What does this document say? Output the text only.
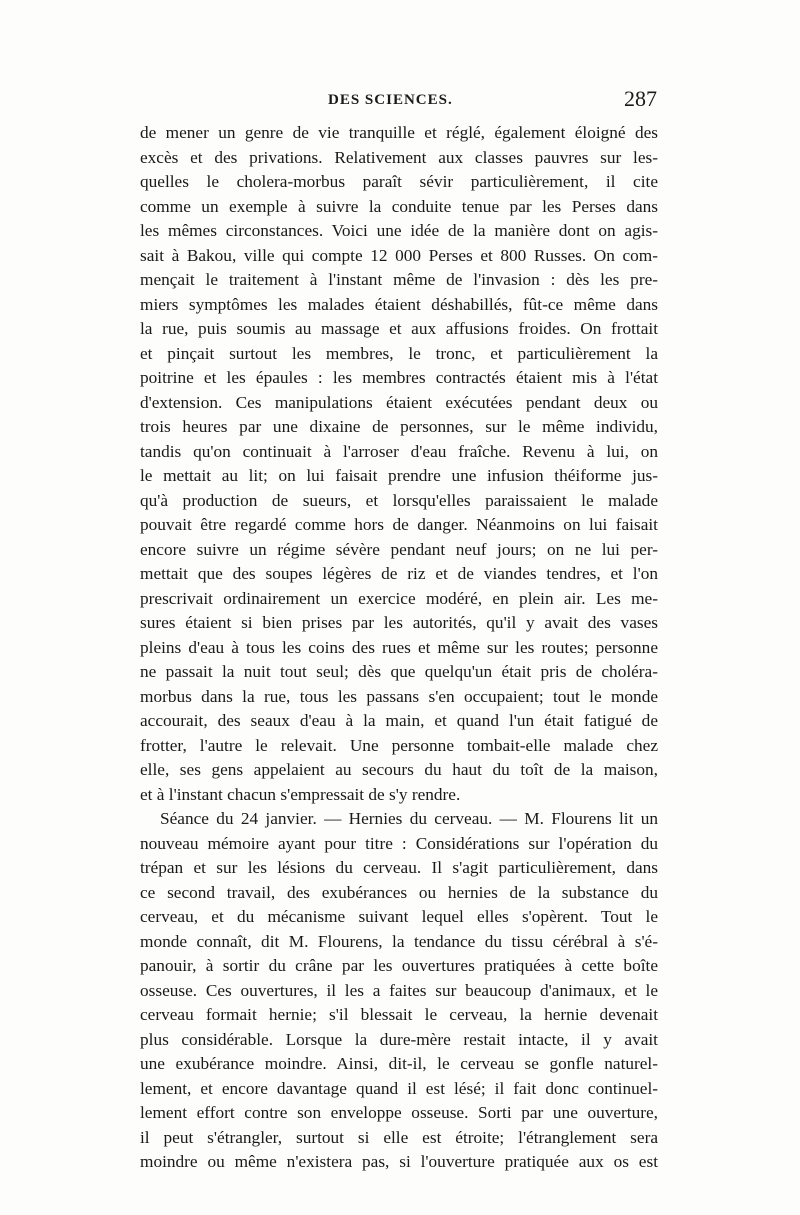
DES SCIENCES.	287
de mener un genre de vie tranquille et réglé, également éloigné des
excès et des privations. Relativement aux classes pauvres sur les-
quelles le cholera-morbus paraît sévir particulièrement, il cite
comme un exemple à suivre la conduite tenue par les Perses dans
les mêmes circonstances. Voici une idée de la manière dont on agis-
sait à Bakou, ville qui compte 12 000 Perses et 800 Russes. On com-
mençait le traitement à l'instant même de l'invasion : dès les pre-
miers symptômes les malades étaient déshabillés, fût-ce même dans
la rue, puis soumis au massage et aux affusions froides. On frottait
et pinçait surtout les membres, le tronc, et particulièrement la
poitrine et les épaules : les membres contractés étaient mis à l'état
d'extension. Ces manipulations étaient exécutées pendant deux ou
trois heures par une dixaine de personnes, sur le même individu,
tandis qu'on continuait à l'arroser d'eau fraîche. Revenu à lui, on
le mettait au lit; on lui faisait prendre une infusion théiforme jus-
qu'à production de sueurs, et lorsqu'elles paraissaient le malade
pouvait être regardé comme hors de danger. Néanmoins on lui faisait
encore suivre un régime sévère pendant neuf jours; on ne lui per-
mettait que des soupes légères de riz et de viandes tendres, et l'on
prescrivait ordinairement un exercice modéré, en plein air. Les me-
sures étaient si bien prises par les autorités, qu'il y avait des vases
pleins d'eau à tous les coins des rues et même sur les routes; personne
ne passait la nuit tout seul; dès que quelqu'un était pris de choléra-
morbus dans la rue, tous les passans s'en occupaient; tout le monde
accourait, des seaux d'eau à la main, et quand l'un était fatigué de
frotter, l'autre le relevait. Une personne tombait-elle malade chez
elle, ses gens appelaient au secours du haut du toît de la maison,
et à l'instant chacun s'empressait de s'y rendre.
Séance du 24 janvier. — Hernies du cerveau. — M. Flourens lit un
nouveau mémoire ayant pour titre : Considérations sur l'opération du
trépan et sur les lésions du cerveau. Il s'agit particulièrement, dans
ce second travail, des exubérances ou hernies de la substance du
cerveau, et du mécanisme suivant lequel elles s'opèrent. Tout le
monde connaît, dit M. Flourens, la tendance du tissu cérébral à s'é-
panouir, à sortir du crâne par les ouvertures pratiquées à cette boîte
osseuse. Ces ouvertures, il les a faites sur beaucoup d'animaux, et le
cerveau formait hernie; s'il blessait le cerveau, la hernie devenait
plus considérable. Lorsque la dure-mère restait intacte, il y avait
une exubérance moindre. Ainsi, dit-il, le cerveau se gonfle naturel-
lement, et encore davantage quand il est lésé; il fait donc continuel-
lement effort contre son enveloppe osseuse. Sorti par une ouverture,
il peut s'étrangler, surtout si elle est étroite; l'étranglement sera
moindre ou même n'existera pas, si l'ouverture pratiquée aux os est
